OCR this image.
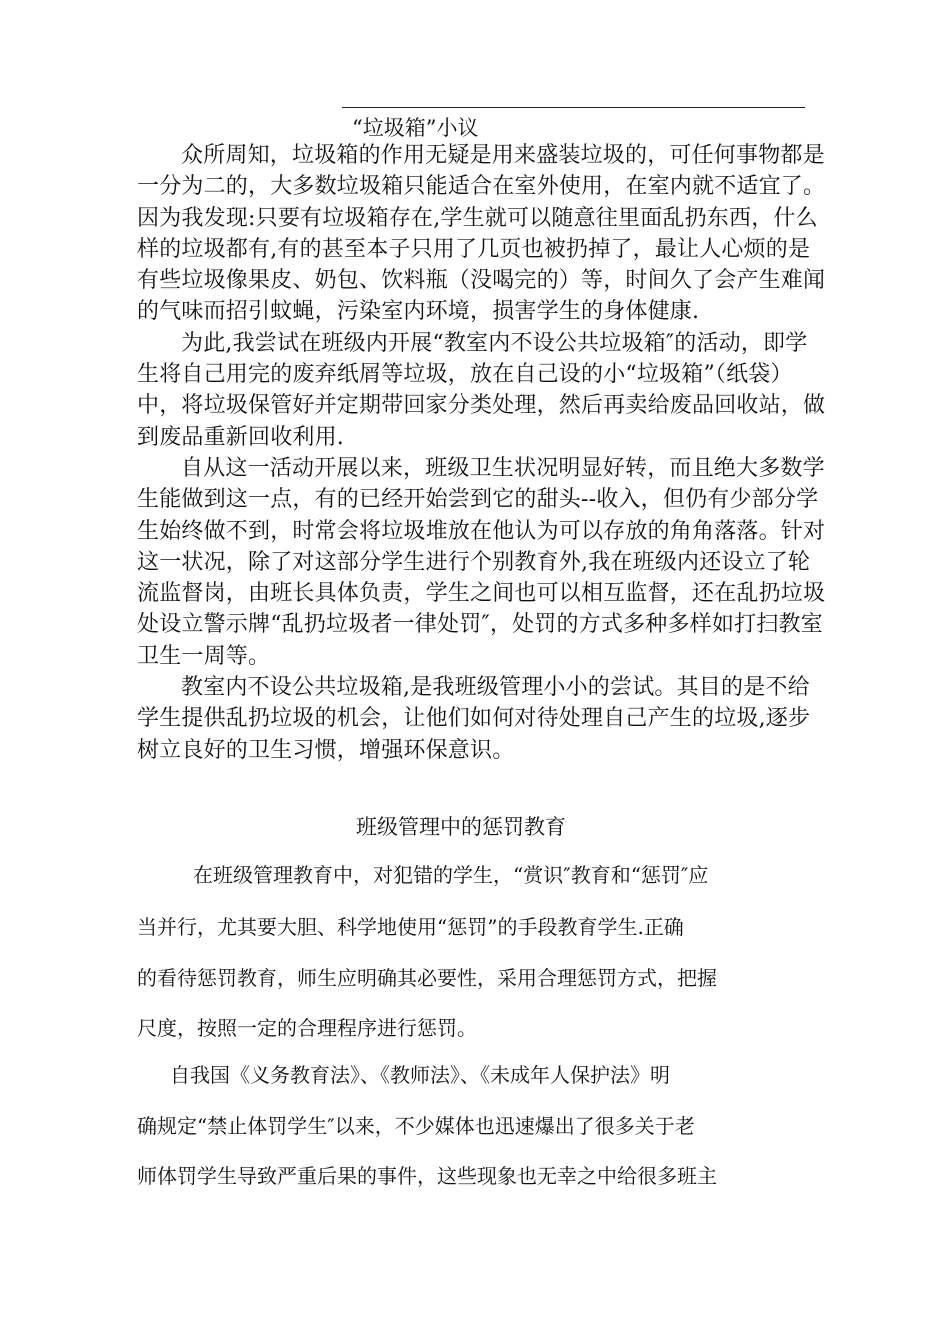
“垃圾箱”小议

众所周知，垃圾箱的作用无疑是用来盛装垃圾的，可任何事物都是一分为二的，大多数垃圾箱只能适合在室外使用，在室内就不适宜了。因为我发现:只要有垃圾箱存在,学生就可以随意往里面乱扔东西，什么样的垃圾都有,有的甚至本子只用了几页也被扔掉了，最让人心烦的是有些垃圾像果皮、奶包、饮料瓶（没喝完的）等，时间久了会产生难闻的气味而招引蚊蝇，污染室内环境，损害学生的身体健康.

为此,我尝试在班级内开展“教室内不设公共垃圾箱″的活动，即学生将自己用完的废弃纸屑等垃圾，放在自己设的小“垃圾箱”（纸袋）中，将垃圾保管好并定期带回家分类处理，然后再卖给废品回收站，做到废品重新回收利用.

自从这一活动开展以来，班级卫生状况明显好转，而且绝大多数学生能做到这一点，有的已经开始尝到它的甜头--收入，但仍有少部分学生始终做不到，时常会将垃圾堆放在他认为可以存放的角角落落。针对这一状况，除了对这部分学生进行个别教育外,我在班级内还设立了轮流监督岗，由班长具体负责，学生之间也可以相互监督，还在乱扔垃圾处设立警示牌“乱扔垃圾者一律处罚″，处罚的方式多种多样如打扫教室卫生一周等。

教室内不设公共垃圾箱,是我班级管理小小的尝试。其目的是不给学生提供乱扔垃圾的机会，让他们如何对待处理自己产生的垃圾,逐步树立良好的卫生习惯，增强环保意识。

班级管理中的惩罚教育
在班级管理教育中，对犯错的学生，“赏识″教育和“惩罚″应
当并行，尤其要大胆、科学地使用“惩罚”的手段教育学生.正确
的看待惩罚教育，师生应明确其必要性，采用合理惩罚方式，把握
尺度，按照一定的合理程序进行惩罚。
自我国《义务教育法》、《教师法》、《未成年人保护法》明
确规定“禁止体罚学生″以来，不少媒体也迅速爆出了很多关于老
师体罚学生导致严重后果的事件，这些现象也无幸之中给很多班主
